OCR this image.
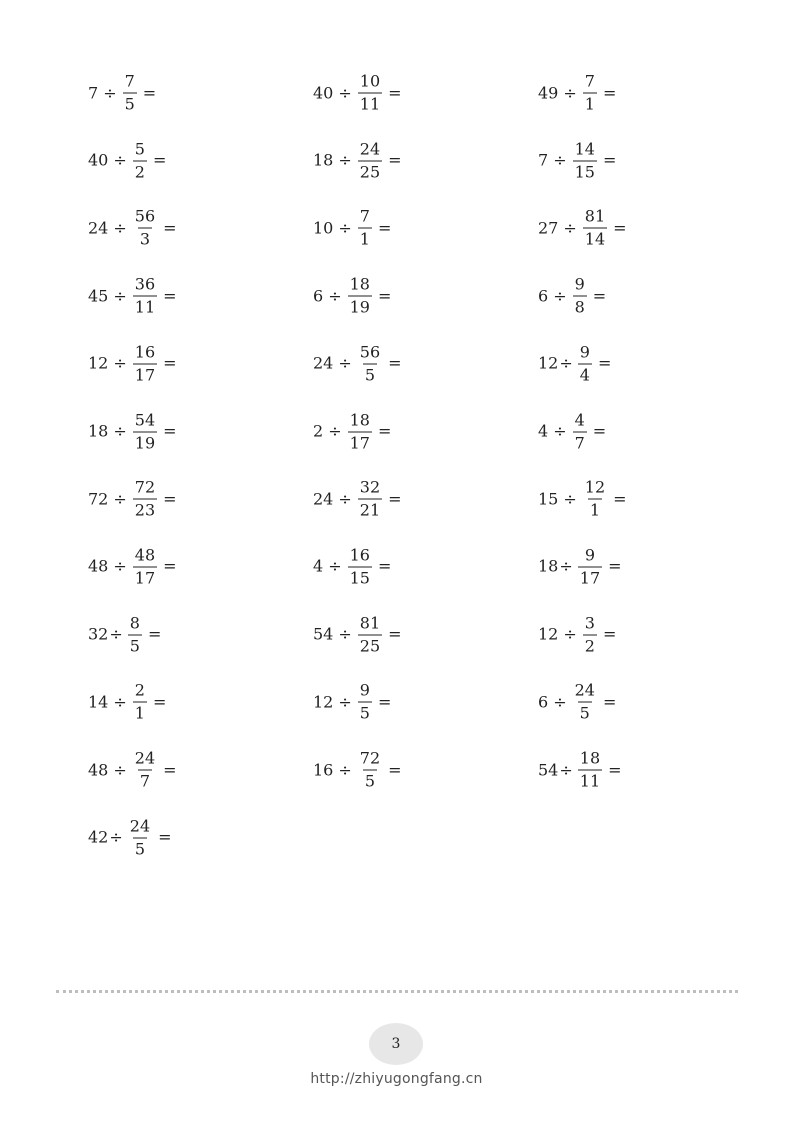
$7 \div \frac{7}{5}$ =	$40 \div \frac{10}{11}$ =	$49 \div \frac{7}{1}$ =
$40 \div \frac{5}{2}$ =	$18 \div \frac{24}{25}$ =	$7 \div \frac{14}{15}$ =
$24 \div \frac{56}{3}$ =	$10 \div \frac{7}{1}$ =	$27 \div \frac{81}{14}$ =
$45 \div \frac{36}{11}$ =	$6 \div \frac{18}{19}$ =	$6 \div \frac{9}{8}$ =
$12 \div \frac{16}{17}$ =	$24 \div \frac{56}{5}$ =	$12 \div \frac{9}{4}$ =
$18 \div \frac{54}{19}$ =	$2 \div \frac{18}{17}$ =	$4 \div \frac{4}{7}$ =
$72 \div \frac{72}{23}$ =	$24 \div \frac{32}{21}$ =	$15 \div \frac{12}{1}$ =
$48 \div \frac{48}{17}$ =	$4 \div \frac{16}{15}$ =	$18 \div \frac{9}{17}$ =
$32 \div \frac{8}{5}$ =	$54 \div \frac{81}{25}$ =	$12 \div \frac{3}{2}$ =
$14 \div \frac{2}{1}$ =	$12 \div \frac{9}{5}$ =	$6 \div \frac{24}{5}$ =
$48 \div \frac{24}{7}$ =	$16 \div \frac{72}{5}$ =	$54 \div \frac{18}{11}$ =
$42 \div \frac{24}{5}$ =
3
http://zhiyugongfang.cn
